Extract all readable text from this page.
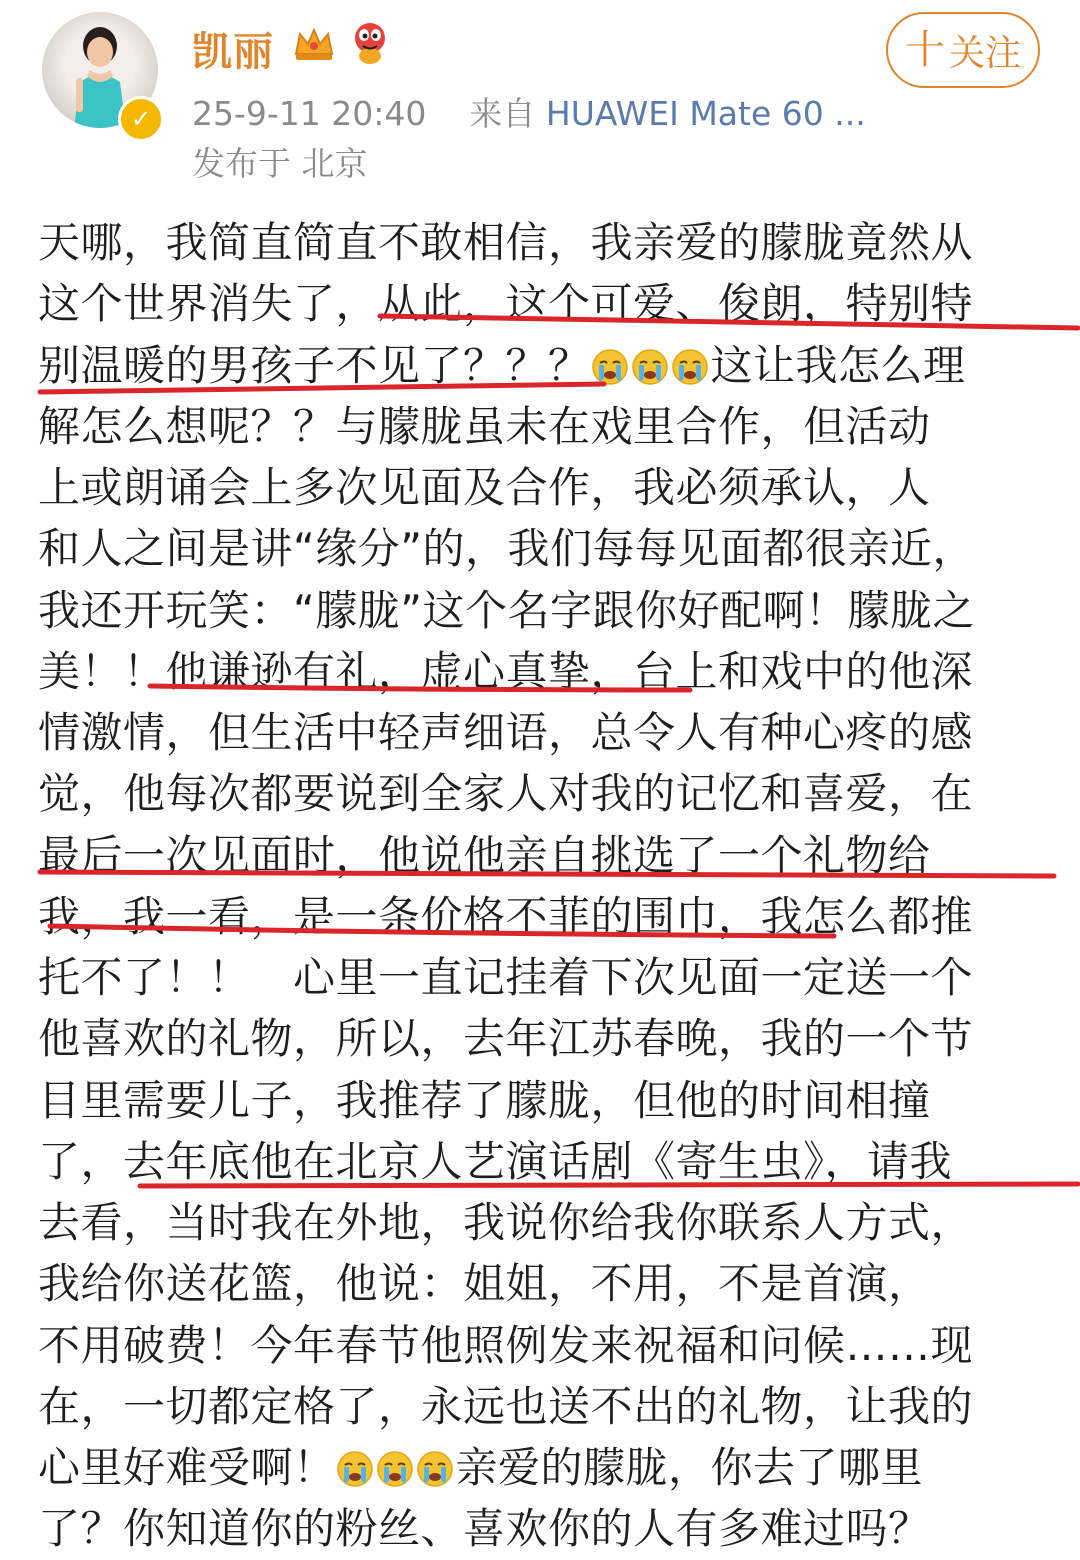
✓
凯丽	十 关注
25-9-11 20:40 来自 HUAWEI Mate 60 ...
发布于 北京
天哪，我简直简直不敢相信，我亲爱的朦胧竟然从
这个世界消失了，从此，这个可爱、俊朗，特别特
别温暖的男孩子不见了？？？	这让我怎么理
解怎么想呢？？与朦胧虽未在戏里合作，但活动
上或朗诵会上多次见面及合作，我必须承认，人
和人之间是讲“缘分”的，我们每每见面都很亲近，
我还开玩笑：“朦胧”这个名字跟你好配啊！朦胧之
美！！他谦逊有礼，虚心真挚，台上和戏中的他深
情激情，但生活中轻声细语，总令人有种心疼的感
觉，他每次都要说到全家人对我的记忆和喜爱，在
最后一次见面时，他说他亲自挑选了一个礼物给
我，我一看，是一条价格不菲的围巾，我怎么都推
托不了！！　心里一直记挂着下次见面一定送一个
他喜欢的礼物，所以，去年江苏春晚，我的一个节
目里需要儿子，我推荐了朦胧，但他的时间相撞
了，去年底他在北京人艺演话剧《寄生虫》，请我
去看，当时我在外地，我说你给我你联系人方式，
我给你送花篮，他说：姐姐，不用，不是首演，
不用破费！今年春节他照例发来祝福和问候……现
在，一切都定格了，永远也送不出的礼物，让我的
心里好难受啊！	亲爱的朦胧，你去了哪里
了？你知道你的粉丝、喜欢你的人有多难过吗？
